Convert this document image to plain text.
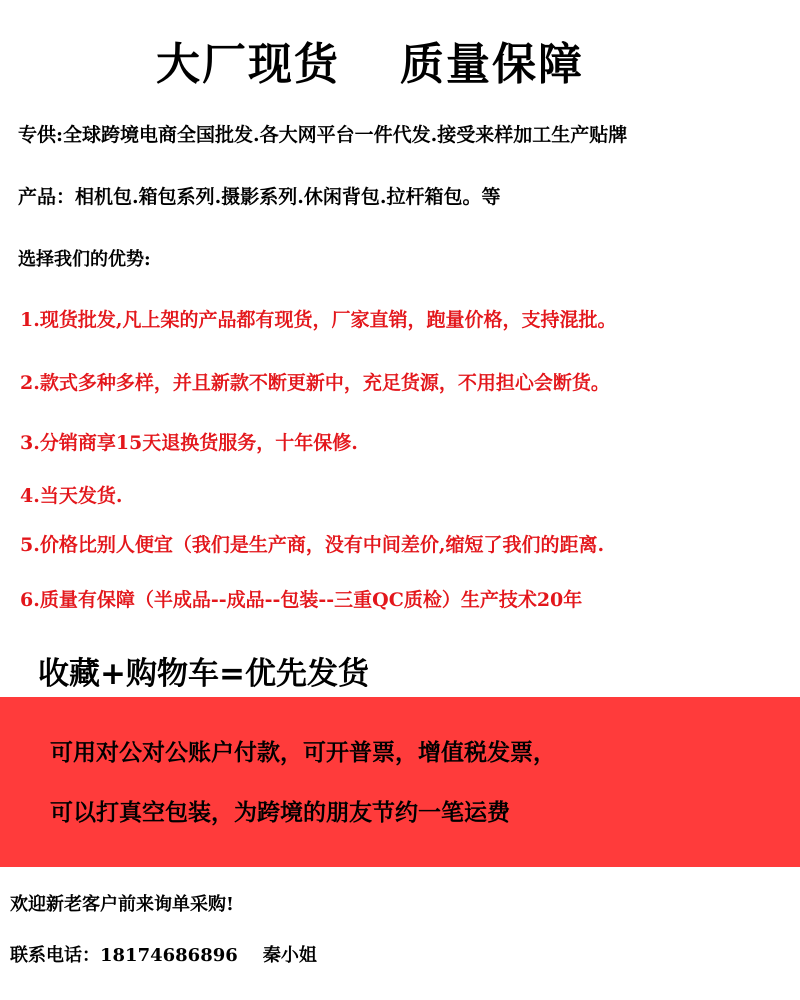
大厂现货 质量保障

专供:全球跨境电商全国批发.各大网平台一件代发.接受来样加工生产贴牌

产品：相机包.箱包系列.摄影系列.休闲背包.拉杆箱包。等

选择我们的优势:

1.现货批发,凡上架的产品都有现货，厂家直销，跑量价格，支持混批。

2.款式多种多样，并且新款不断更新中，充足货源，不用担心会断货。

3.分销商享15天退换货服务，十年保修.

4.当天发货.

5.价格比别人便宜（我们是生产商，没有中间差价,缩短了我们的距离.

6.质量有保障（半成品--成品--包装--三重QC质检）生产技术20年

收藏+购物车=优先发货

可用对公对公账户付款，可开普票，增值税发票，

可以打真空包装，为跨境的朋友节约一笔运费

欢迎新老客户前来询单采购!

联系电话：18174686896    秦小姐
